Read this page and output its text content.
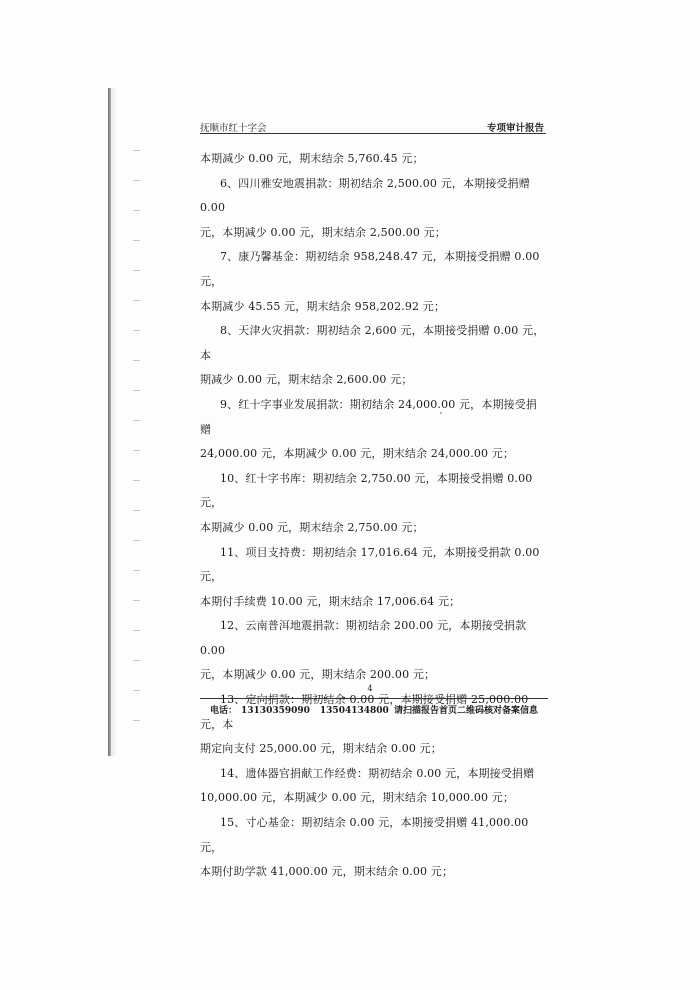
抚顺市红十字会	专项审计报告

本期减少 0.00 元，期末结余 5,760.45 元；

6、四川雅安地震捐款：期初结余 2,500.00 元，本期接受捐赠 0.00

元，本期减少 0.00 元，期末结余 2,500.00 元；

7、康乃馨基金：期初结余 958,248.47 元，本期接受捐赠 0.00 元，

本期减少 45.55 元，期末结余 958,202.92 元；

8、天津火灾捐款：期初结余 2,600 元，本期接受捐赠 0.00 元，本

期减少 0.00 元，期末结余 2,600.00 元；

9、红十字事业发展捐款：期初结余 24,000.00 元，本期接受捐赠

24,000.00 元，本期减少 0.00 元，期末结余 24,000.00 元；

10、红十字书库：期初结余 2,750.00 元，本期接受捐赠 0.00 元，

本期减少 0.00 元，期末结余 2,750.00 元；

11、项目支持费：期初结余 17,016.64 元，本期接受捐款 0.00 元，

本期付手续费 10.00 元，期末结余 17,006.64 元；

12、云南普洱地震捐款：期初结余 200.00 元，本期接受捐款 0.00

元，本期减少 0.00 元，期末结余 200.00 元；

13、定向捐款：期初结余 0.00 元，本期接受捐赠 25,000.00 元，本

期定向支付 25,000.00 元，期末结余 0.00 元；

14、遗体器官捐献工作经费：期初结余 0.00 元，本期接受捐赠

10,000.00 元，本期减少 0.00 元，期末结余 10,000.00 元；

15、寸心基金：期初结余 0.00 元，本期接受捐赠 41,000.00 元，

本期付助学款 41,000.00 元，期末结余 0.00 元；

4
电话： 13130359090 13504134800 请扫描报告首页二维码核对备案信息
